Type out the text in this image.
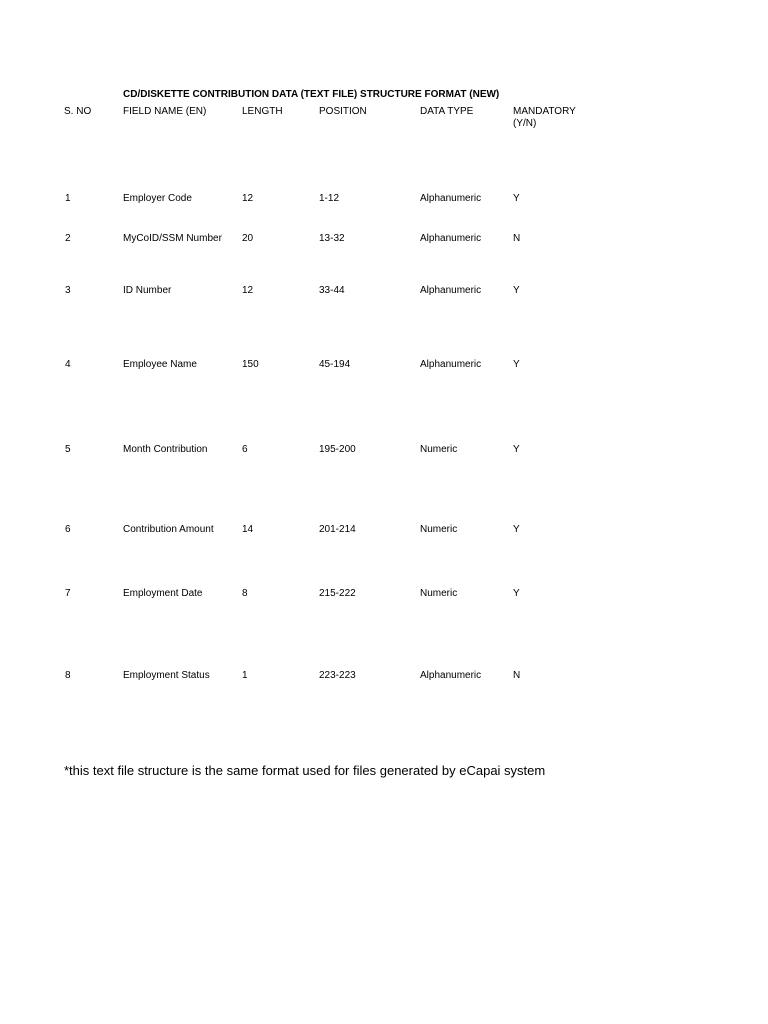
CD/DISKETTE CONTRIBUTION DATA (TEXT FILE) STRUCTURE FORMAT (NEW)
S. NO	FIELD NAME (EN)	LENGTH	POSITION	DATA TYPE	MANDATORY
(Y/N)
1	Employer Code	12	1-12	Alphanumeric	Y
2	MyCoID/SSM Number 20	13-32	Alphanumeric	N
3	ID Number	12	33-44	Alphanumeric	Y
4	Employee Name	150	45-194	Alphanumeric	Y
5	Month Contribution	6	195-200	Numeric	Y
6	Contribution Amount	14	201-214	Numeric	Y
7	Employment Date	8	215-222	Numeric	Y
8	Employment Status	1	223-223	Alphanumeric	N
*this text file structure is the same format used for files generated by eCapai system
